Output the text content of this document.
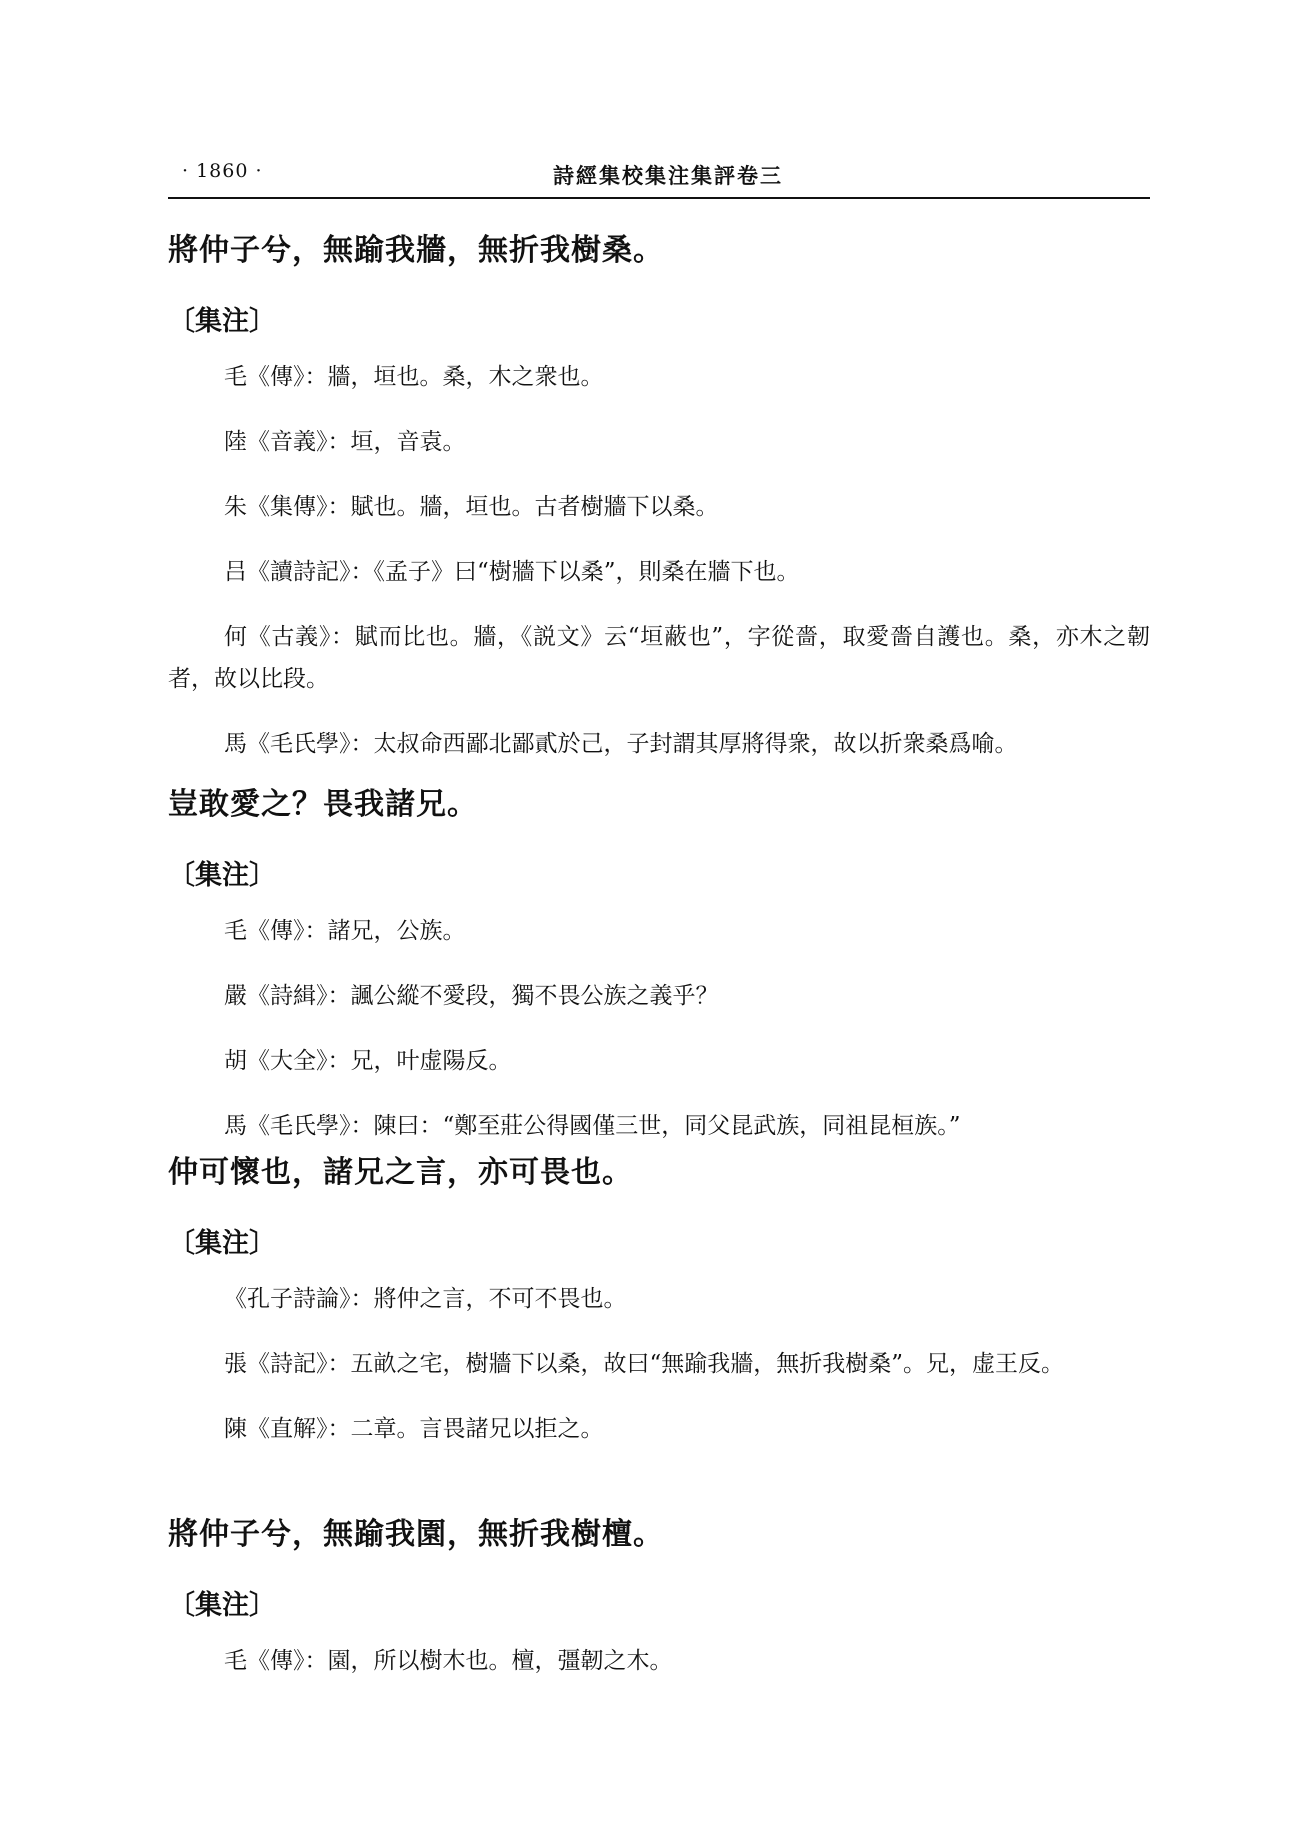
· 1860 ·	詩經集校集注集評卷三
將仲子兮，無踰我牆，無折我樹桑。
〔集注〕

毛《傳》：牆，垣也。桑，木之衆也。

陸《音義》：垣，音袁。

朱《集傳》：賦也。牆，垣也。古者樹牆下以桑。

吕《讀詩記》：《孟子》曰“樹牆下以桑”，則桑在牆下也。

何《古義》：賦而比也。牆，《説文》云“垣蔽也”，字從嗇，取愛嗇自護也。桑，亦木之韌者，故以比段。

馬《毛氏學》：太叔命西鄙北鄙貳於己，子封謂其厚將得衆，故以折衆桑爲喻。

豈敢愛之？畏我諸兄。
〔集注〕

毛《傳》：諸兄，公族。

嚴《詩緝》：諷公縱不愛段，獨不畏公族之義乎？

胡《大全》：兄，叶虚陽反。

馬《毛氏學》：陳曰：“鄭至莊公得國僅三世，同父昆武族，同祖昆桓族。”

仲可懷也，諸兄之言，亦可畏也。
〔集注〕

《孔子詩論》：將仲之言，不可不畏也。

張《詩記》：五畝之宅，樹牆下以桑，故曰“無踰我牆，無折我樹桑”。兄，虚王反。

陳《直解》：二章。言畏諸兄以拒之。

將仲子兮，無踰我園，無折我樹檀。
〔集注〕

毛《傳》：園，所以樹木也。檀，彊韌之木。
